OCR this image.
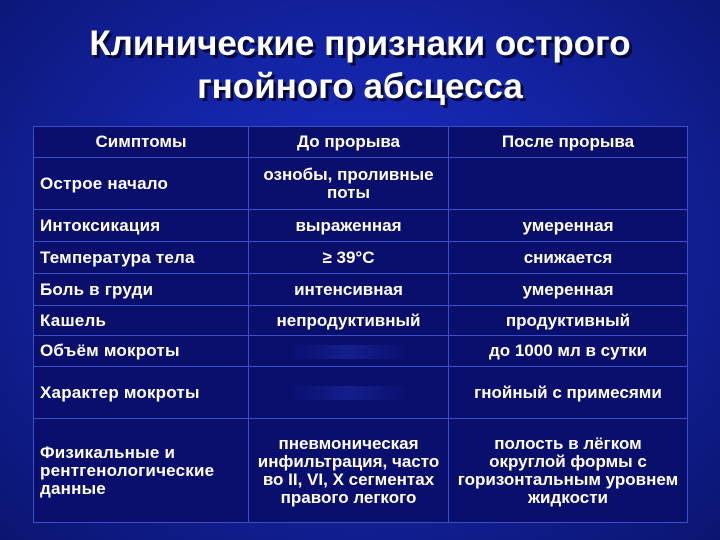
Клинические признаки острого
гнойного абсцесса
Симптомы	До прорыва	После прорыва
Острое начало	ознобы, проливные поты	
Интоксикация	выраженная	умеренная
Температура тела	≥ 39°С	снижается
Боль в груди	интенсивная	умеренная
Кашель	непродуктивный	продуктивный
Объём мокроты		до 1000 мл в сутки
Характер мокроты		гнойный с примесями
Физикальные и рентгенологические данные	пневмоническая инфильтрация, часто во II, VI, X сегментах правого легкого	полость в лёгком округлой формы с горизонтальным уровнем жидкости
